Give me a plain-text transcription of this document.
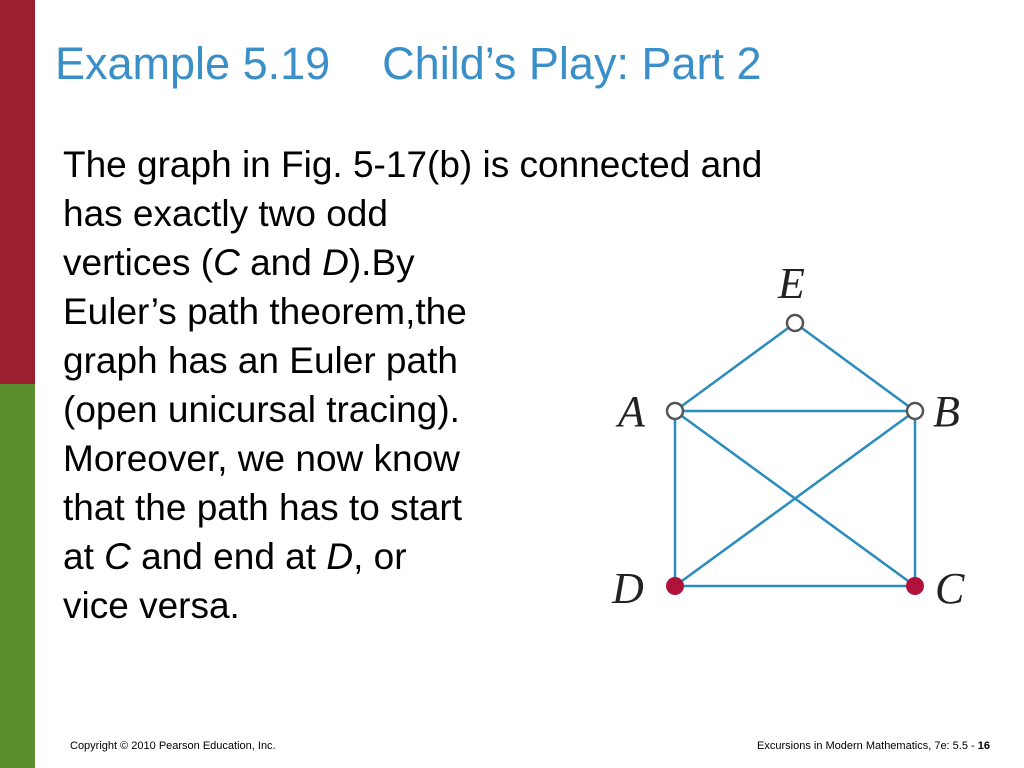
Example 5.19 Child’s Play: Part 2
The graph in Fig. 5-17(b) is connected and
has exactly two odd
vertices (C and D).By
Euler’s path theorem,the
graph has an Euler path
(open unicursal tracing).
Moreover, we now know
that the path has to start
at C and end at D, or
vice versa.
E
A	B
D	C
Copyright © 2010 Pearson Education, Inc.	Excursions in Modern Mathematics, 7e: 5.5 - 16
